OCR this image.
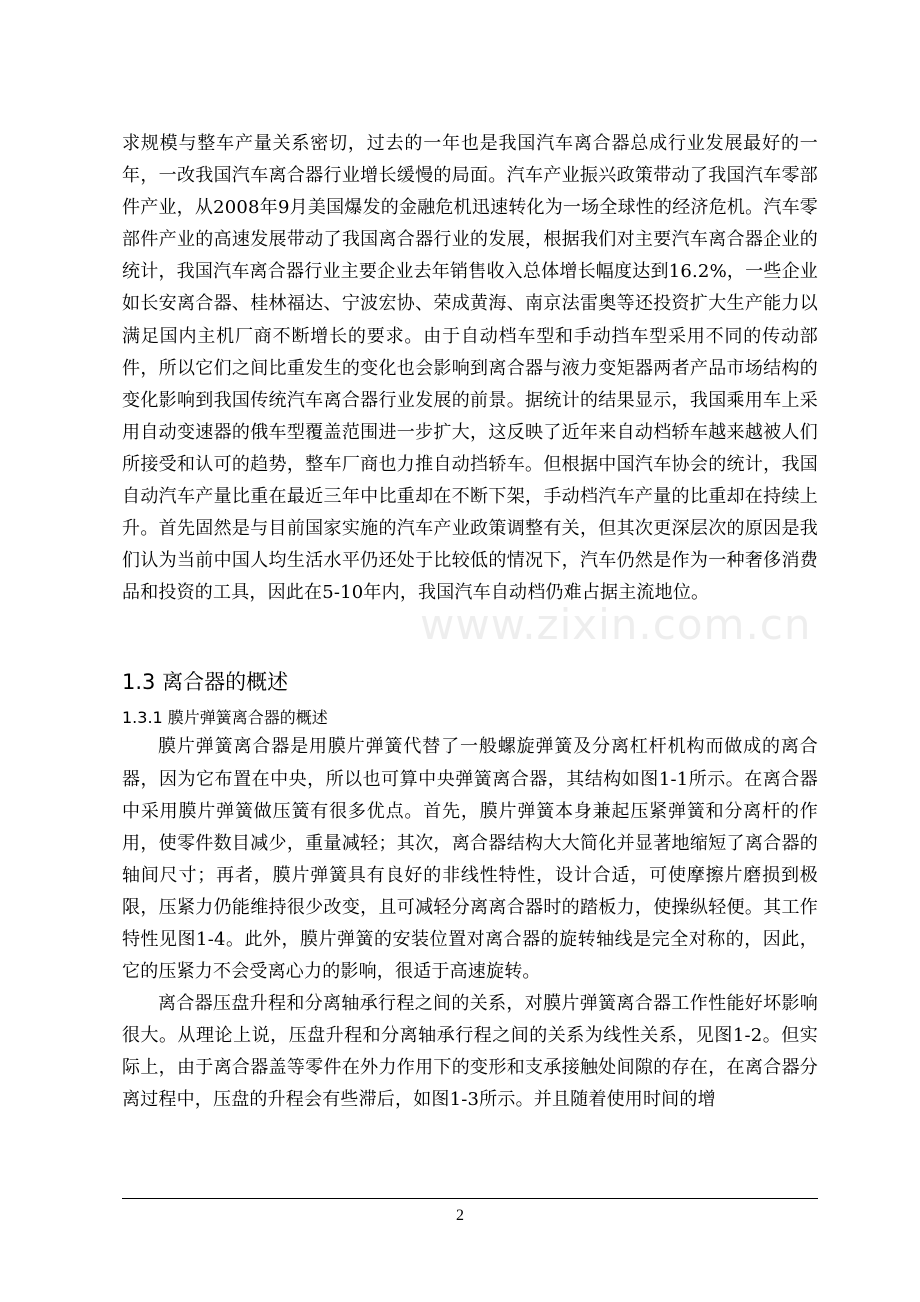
www.zixin.com.cn

求规模与整车产量关系密切，过去的一年也是我国汽车离合器总成行业发展最好的一年，一改我国汽车离合器行业增长缓慢的局面。汽车产业振兴政策带动了我国汽车零部件产业，从2008年9月美国爆发的金融危机迅速转化为一场全球性的经济危机。汽车零部件产业的高速发展带动了我国离合器行业的发展，根据我们对主要汽车离合器企业的统计，我国汽车离合器行业主要企业去年销售收入总体增长幅度达到16.2%，一些企业如长安离合器、桂林福达、宁波宏协、荣成黄海、南京法雷奥等还投资扩大生产能力以满足国内主机厂商不断增长的要求。由于自动档车型和手动挡车型采用不同的传动部件，所以它们之间比重发生的变化也会影响到离合器与液力变矩器两者产品市场结构的变化影响到我国传统汽车离合器行业发展的前景。据统计的结果显示，我国乘用车上采用自动变速器的俄车型覆盖范围进一步扩大，这反映了近年来自动档轿车越来越被人们所接受和认可的趋势，整车厂商也力推自动挡轿车。但根据中国汽车协会的统计，我国自动汽车产量比重在最近三年中比重却在不断下架，手动档汽车产量的比重却在持续上升。首先固然是与目前国家实施的汽车产业政策调整有关，但其次更深层次的原因是我们认为当前中国人均生活水平仍还处于比较低的情况下，汽车仍然是作为一种奢侈消费品和投资的工具，因此在5-10年内，我国汽车自动档仍难占据主流地位。

1.3 离合器的概述
1.3.1 膜片弹簧离合器的概述

膜片弹簧离合器是用膜片弹簧代替了一般螺旋弹簧及分离杠杆机构而做成的离合器，因为它布置在中央，所以也可算中央弹簧离合器，其结构如图1-1所示。在离合器中采用膜片弹簧做压簧有很多优点。首先，膜片弹簧本身兼起压紧弹簧和分离杆的作用，使零件数目减少，重量减轻；其次，离合器结构大大简化并显著地缩短了离合器的轴间尺寸；再者，膜片弹簧具有良好的非线性特性，设计合适，可使摩擦片磨损到极限，压紧力仍能维持很少改变，且可减轻分离离合器时的踏板力，使操纵轻便。其工作特性见图1-4。此外，膜片弹簧的安装位置对离合器的旋转轴线是完全对称的，因此，它的压紧力不会受离心力的影响，很适于高速旋转。

离合器压盘升程和分离轴承行程之间的关系，对膜片弹簧离合器工作性能好坏影响很大。从理论上说，压盘升程和分离轴承行程之间的关系为线性关系，见图1-2。但实际上，由于离合器盖等零件在外力作用下的变形和支承接触处间隙的存在，在离合器分离过程中，压盘的升程会有些滞后，如图1-3所示。并且随着使用时间的增

2
